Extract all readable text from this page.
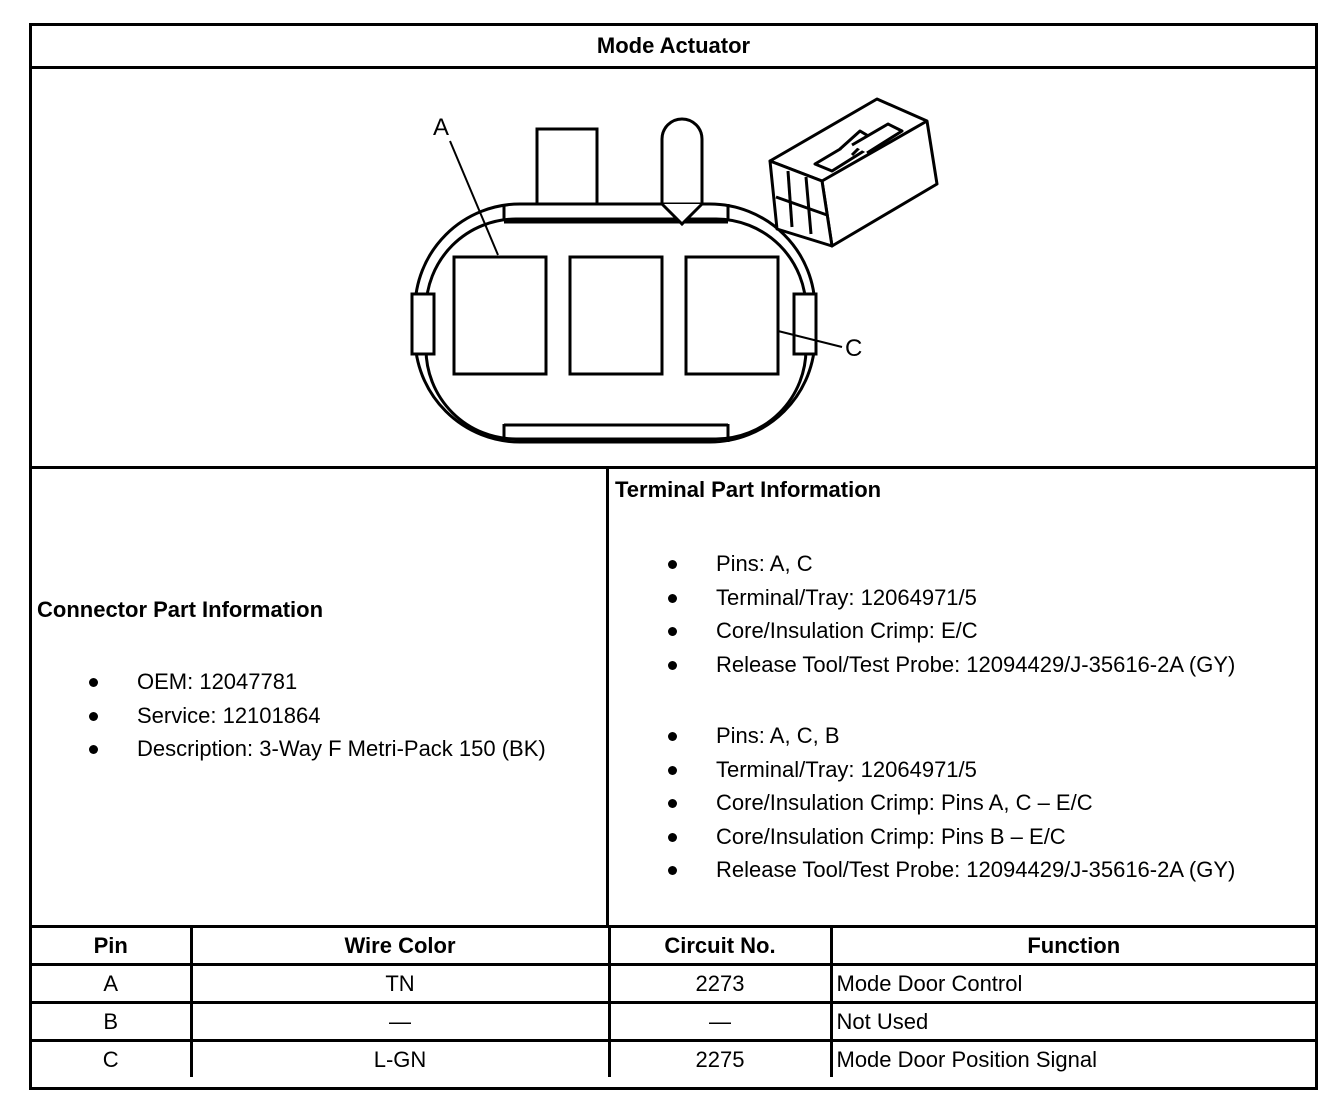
Mode Actuator
A
C
Connector Part Information
OEM: 12047781
Service: 12101864
Description: 3-Way F Metri-Pack 150 (BK)
Terminal Part Information
Pins: A, C
Terminal/Tray: 12064971/5
Core/Insulation Crimp: E/C
Release Tool/Test Probe: 12094429/J-35616-2A (GY)
Pins: A, C, B
Terminal/Tray: 12064971/5
Core/Insulation Crimp: Pins A, C – E/C
Core/Insulation Crimp: Pins B – E/C
Release Tool/Test Probe: 12094429/J-35616-2A (GY)
Pin	Wire Color	Circuit No.	Function
A	TN	2273	Mode Door Control
B	—	—	Not Used
C	L-GN	2275	Mode Door Position Signal
